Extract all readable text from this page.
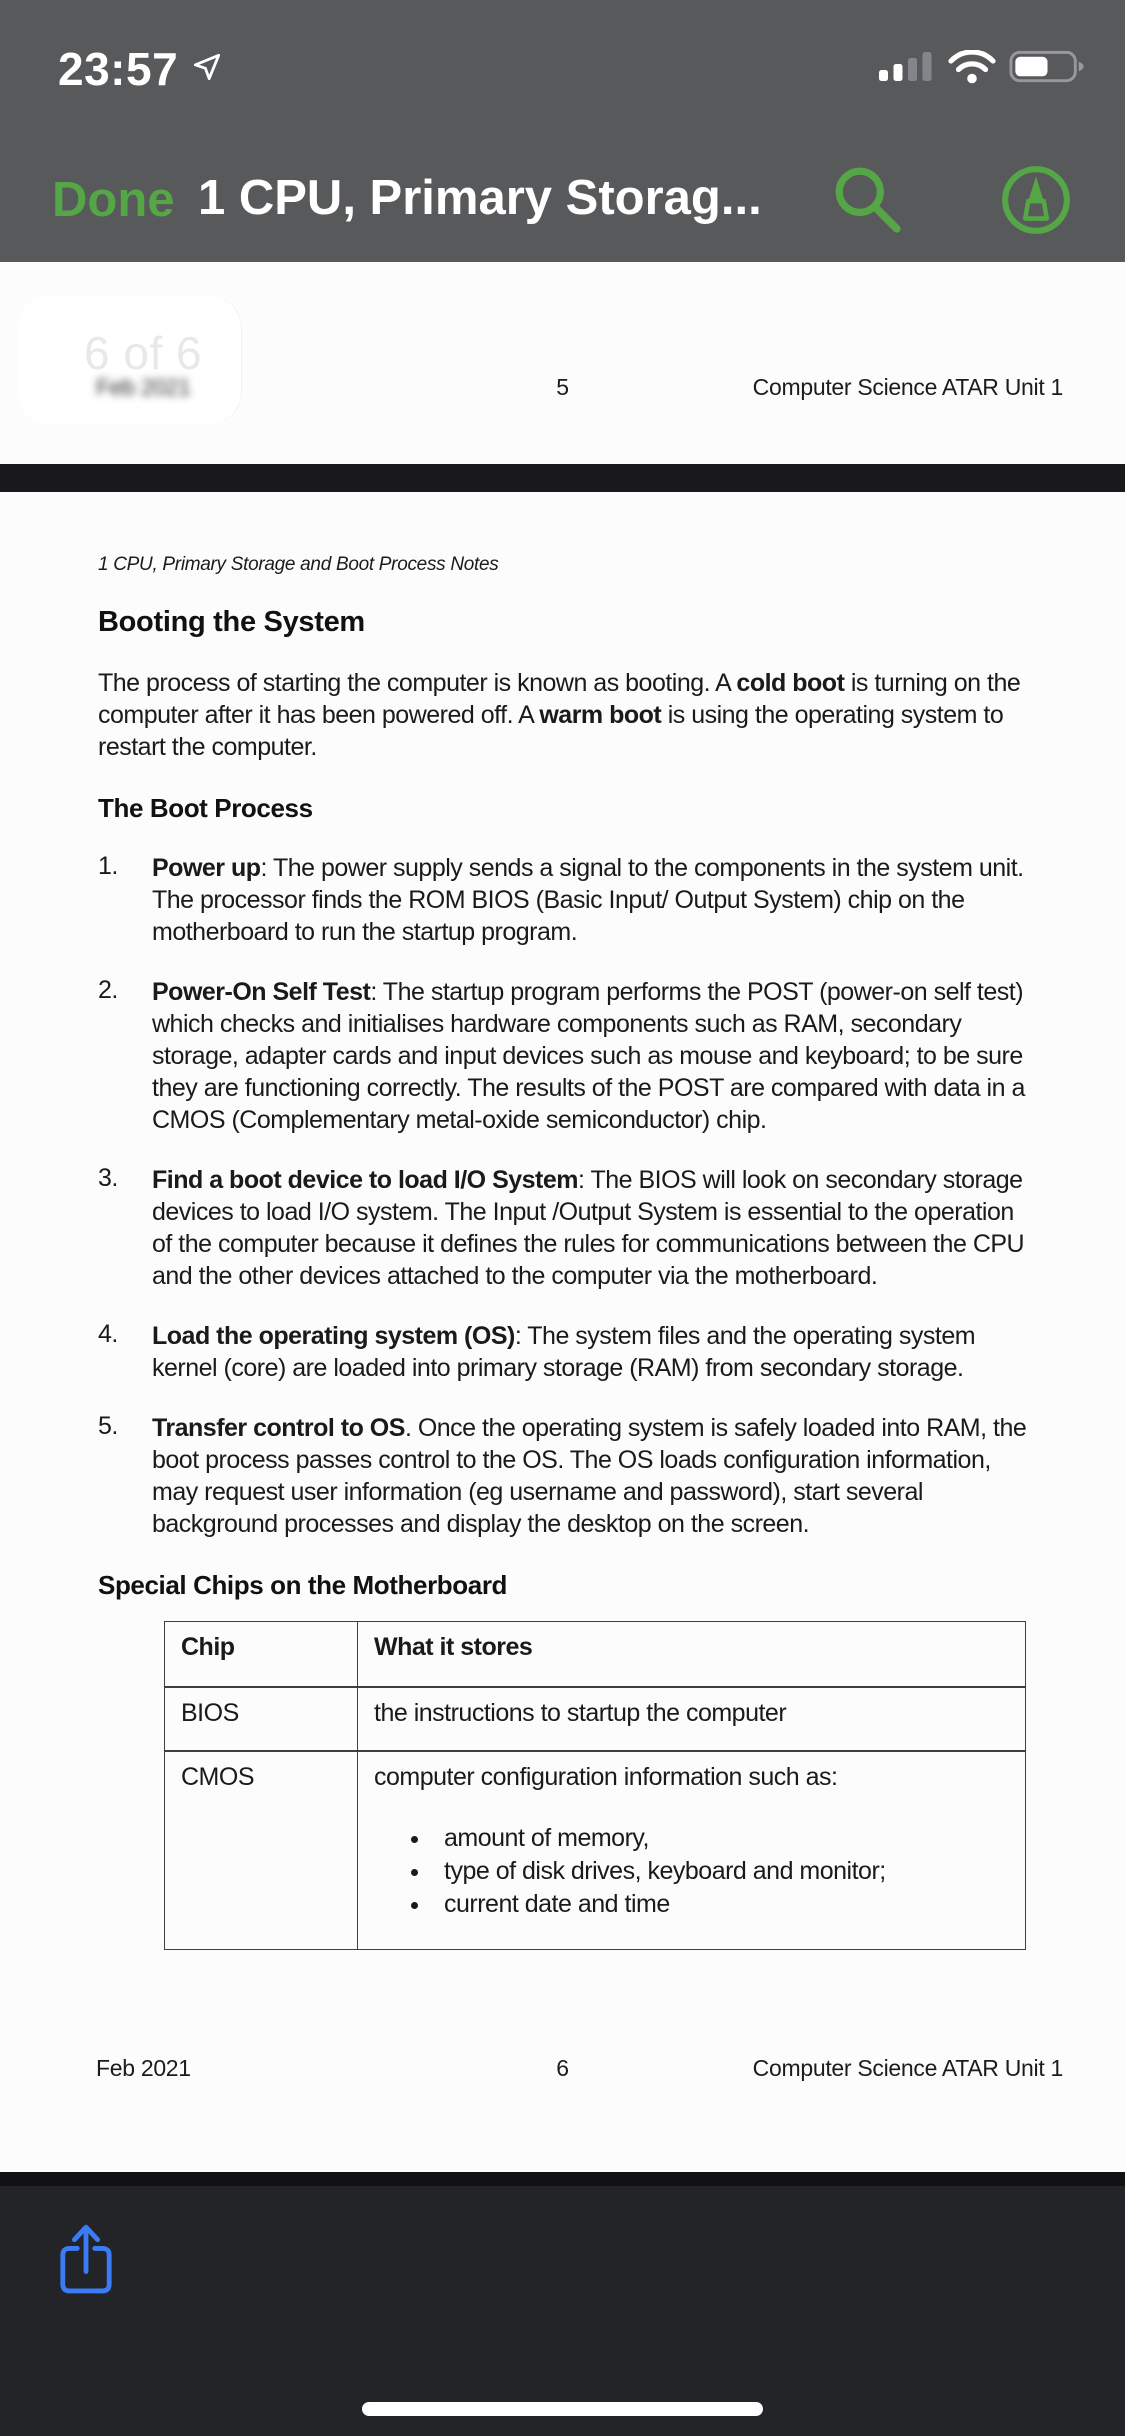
23:57
Done 1 CPU, Primary Storag...
5	Computer Science ATAR Unit 1
6 of 6
Feb 2021
1 CPU, Primary Storage and Boot Process Notes
Booting the System

The process of starting the computer is known as booting. A cold boot is turning on the computer after it has been powered off. A warm boot is using the operating system to restart the computer.

The Boot Process
1.	Power up: The power supply sends a signal to the components in the system unit. The processor finds the ROM BIOS (Basic Input/ Output System) chip on the motherboard to run the startup program.
2.	Power-On Self Test: The startup program performs the POST (power-on self test) which checks and initialises hardware components such as RAM, secondary storage, adapter cards and input devices such as mouse and keyboard; to be sure they are functioning correctly. The results of the POST are compared with data in a CMOS (Complementary metal-oxide semiconductor) chip.
3.	Find a boot device to load I/O System: The BIOS will look on secondary storage devices to load I/O system. The Input /Output System is essential to the operation of the computer because it defines the rules for communications between the CPU and the other devices attached to the computer via the motherboard.
4.	Load the operating system (OS): The system files and the operating system kernel (core) are loaded into primary storage (RAM) from secondary storage.
5.	Transfer control to OS. Once the operating system is safely loaded into RAM, the boot process passes control to the OS. The OS loads configuration information, may request user information (eg username and password), start several background processes and display the desktop on the screen.
Special Chips on the Motherboard
Chip	What it stores
BIOS	the instructions to startup the computer
CMOS	computer configuration information such as:
• amount of memory,
• type of disk drives, keyboard and monitor;
• current date and time
Feb 2021	6	Computer Science ATAR Unit 1
